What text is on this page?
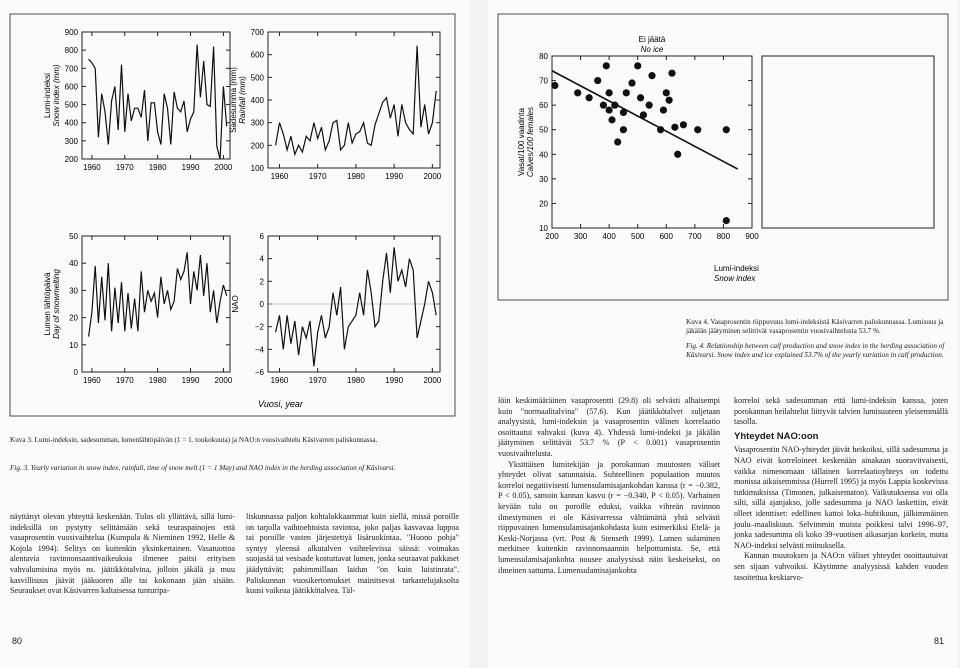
200
300
400
500
600
700
800
900
1960 1970 1980 1990 2000
Lumi-indeksiSnow index (mm)
100
200
300
400
500
600
700
1960	1970	1980	1990	2000
Sadesumma (mm)Rainfall (mm)
0
10
20
30
40
50
1960 1970 1980 1990 2000
Lumen lähtöpäiväDay of snowmelting
−6
−4
−2
0
2
4
6
1960	1970	1980	1990	2000
NAO
Vuosi, year
Kuva 3. Lumi-indeksin, sadesumman, lumenlähtöpäivän (1 = 1. toukokuuta) ja NAO:n vuosivaihtelu Käsivarren paliskunnassa.
Fig. 3. Yearly variation in snow index, rainfall, time of snow melt (1 = 1 May) and NAO index in the herding association of Käsivarsi.
näyttänyt olevan yhteyttä keskenään. Tulos oli yllättävä, sillä lumi-indeksillä on pystytty selittämään sekä teuraspainojen että vasaprosentin vuosivaihtelua (Kumpula & Nieminen 1992, Helle & Kojola 1994). Selitys on kuitenkin yksinkertainen. Vasatuottoa alentavia ravinnonsaantivaikeuksia ilmenee paitsi erityisen vahvalumisina myös ns. jäätikkötalvina, jolloin jäkälä ja muu kasvillisuus jäävät jääkuoren alle tai kokonaan jään sisään. Seuraukset ovat Käsivarren kaltaisessa tunturipa-
liskunnassa paljon kohtalokkaammat kuin siellä, missä poroille on tarjolla vaihtoehtoista ravintoa, joko paljas kasvavaa luppoa tai poroille vasten järjestettyä lisäruokintaa. "Huono pohja" syntyy yleensä alkutalven vaihtelevissa säissä: voimakas suojasää tai vesisade kostuttavat lumen, jonka seuraavat pakkaset jäädyttävät; pahimmillaan laidun "on kuin luistinrata". Paliskunnan vuosikertomukset mainitsevat tarkastelujaksolta kuusi vaikeaa jäätikkötalvea. Täl-
80
10
20
30
40
50
60
70
80
200 300 400 500 600 700 800 900
Vasat/100 vaadintaCalves/100 females
Ei jäätä
No ice
Lumi-indeksi
Snow index
Kuva 4. Vasaprosentin riippuvuus lumi-indeksistä Käsivarren paliskunnassa. Lumisuus ja jäkälän jäätyminen selittivät vasaprosentin vuosivaihtelusta 53.7 %.
Fig. 4. Relationship between calf production and snow index in the herding association of Käsivarsi. Snow index and ice explained 53.7% of the yearly variation in calf production.

löin keskimääräinen vasaprosentti (29.8) oli selvästi alhaisempi kuin "normaalitalvina" (57.6). Kun jäätikkötalvet suljetaan analyysistä, lumi-indeksin ja vasaprosentin välinen korrelaatio osoittautui vahvaksi (kuva 4). Yhdessä lumi-indeksi ja jäkälän jäätyminen selittävät 53.7 % (P < 0.001) vasaprosentin vuosivaihtelusta.

Yksittäisen lumitekijän ja porokannan muutosten väliset yhteydet olivat satunnaisia. Suhteellinen populaation muutos korreloi negatiivisesti lumensulamisajankohdan kanssa (r = −0.382, P < 0.05), samoin kannan kasvu (r = −0.340, P < 0.05). Varhainen kevään tulo on poroille eduksi, vaikka vihreän ravinnon ilmestyminen ei ole Käsivarressa välttämättä yhtä selvästi riippuvainen lumensulamisajankohdasta kuin esimerkiksi Etelä- ja Keski-Norjassa (vrt. Post & Stenseth 1999). Lumen sulaminen merkitsee kuitenkin ravinnonsaannin helpottumista. Se, että lumensulamisajankohta nousee analyysissä näin keskeiseksi, on ilmeinen sattuma. Lumensulamisajankohta

korreloi sekä sadesumman että lumi-indeksin kanssa, joten porokannan heilahtelut liittyvät talvien lumisuuteen yleisemmällä tasolla.

Yhteydet NAO:oon

Vasaprosentin NAO-yhteydet jäivät heikoiksi, sillä sadesumma ja NAO eivät korreloineet keskenään ainakaan suoraviivaisesti, vaikka nimenomaan tällainen korrelaatioyhteys on todettu monissa aikaisemmissa (Hurrell 1995) ja myös Lappia koskevissa tutkimuksissa (Timonen, julkaisematon). Vaikutuksensa voi olla silti, sillä ajanjakso, jolle sadesumma ja NAO laskettiin, eivät olleet identtiset: edellinen kattoi loka–huhtikuun, jälkimmäinen joulu–maaliskuun. Selvimmin muista poikkesi talvi 1996–97, jonka sadesumma oli koko 39-vuotisen aikasarjan korkein, mutta NAO-indeksi selvästi miinuksella.

Kannan muutoksen ja NAO:n väliset yhteydet osoittautuivat sen sijaan vahvoiksi. Käytimme analyysissä kahden vuoden tasoitettua keskiarvo-

81
